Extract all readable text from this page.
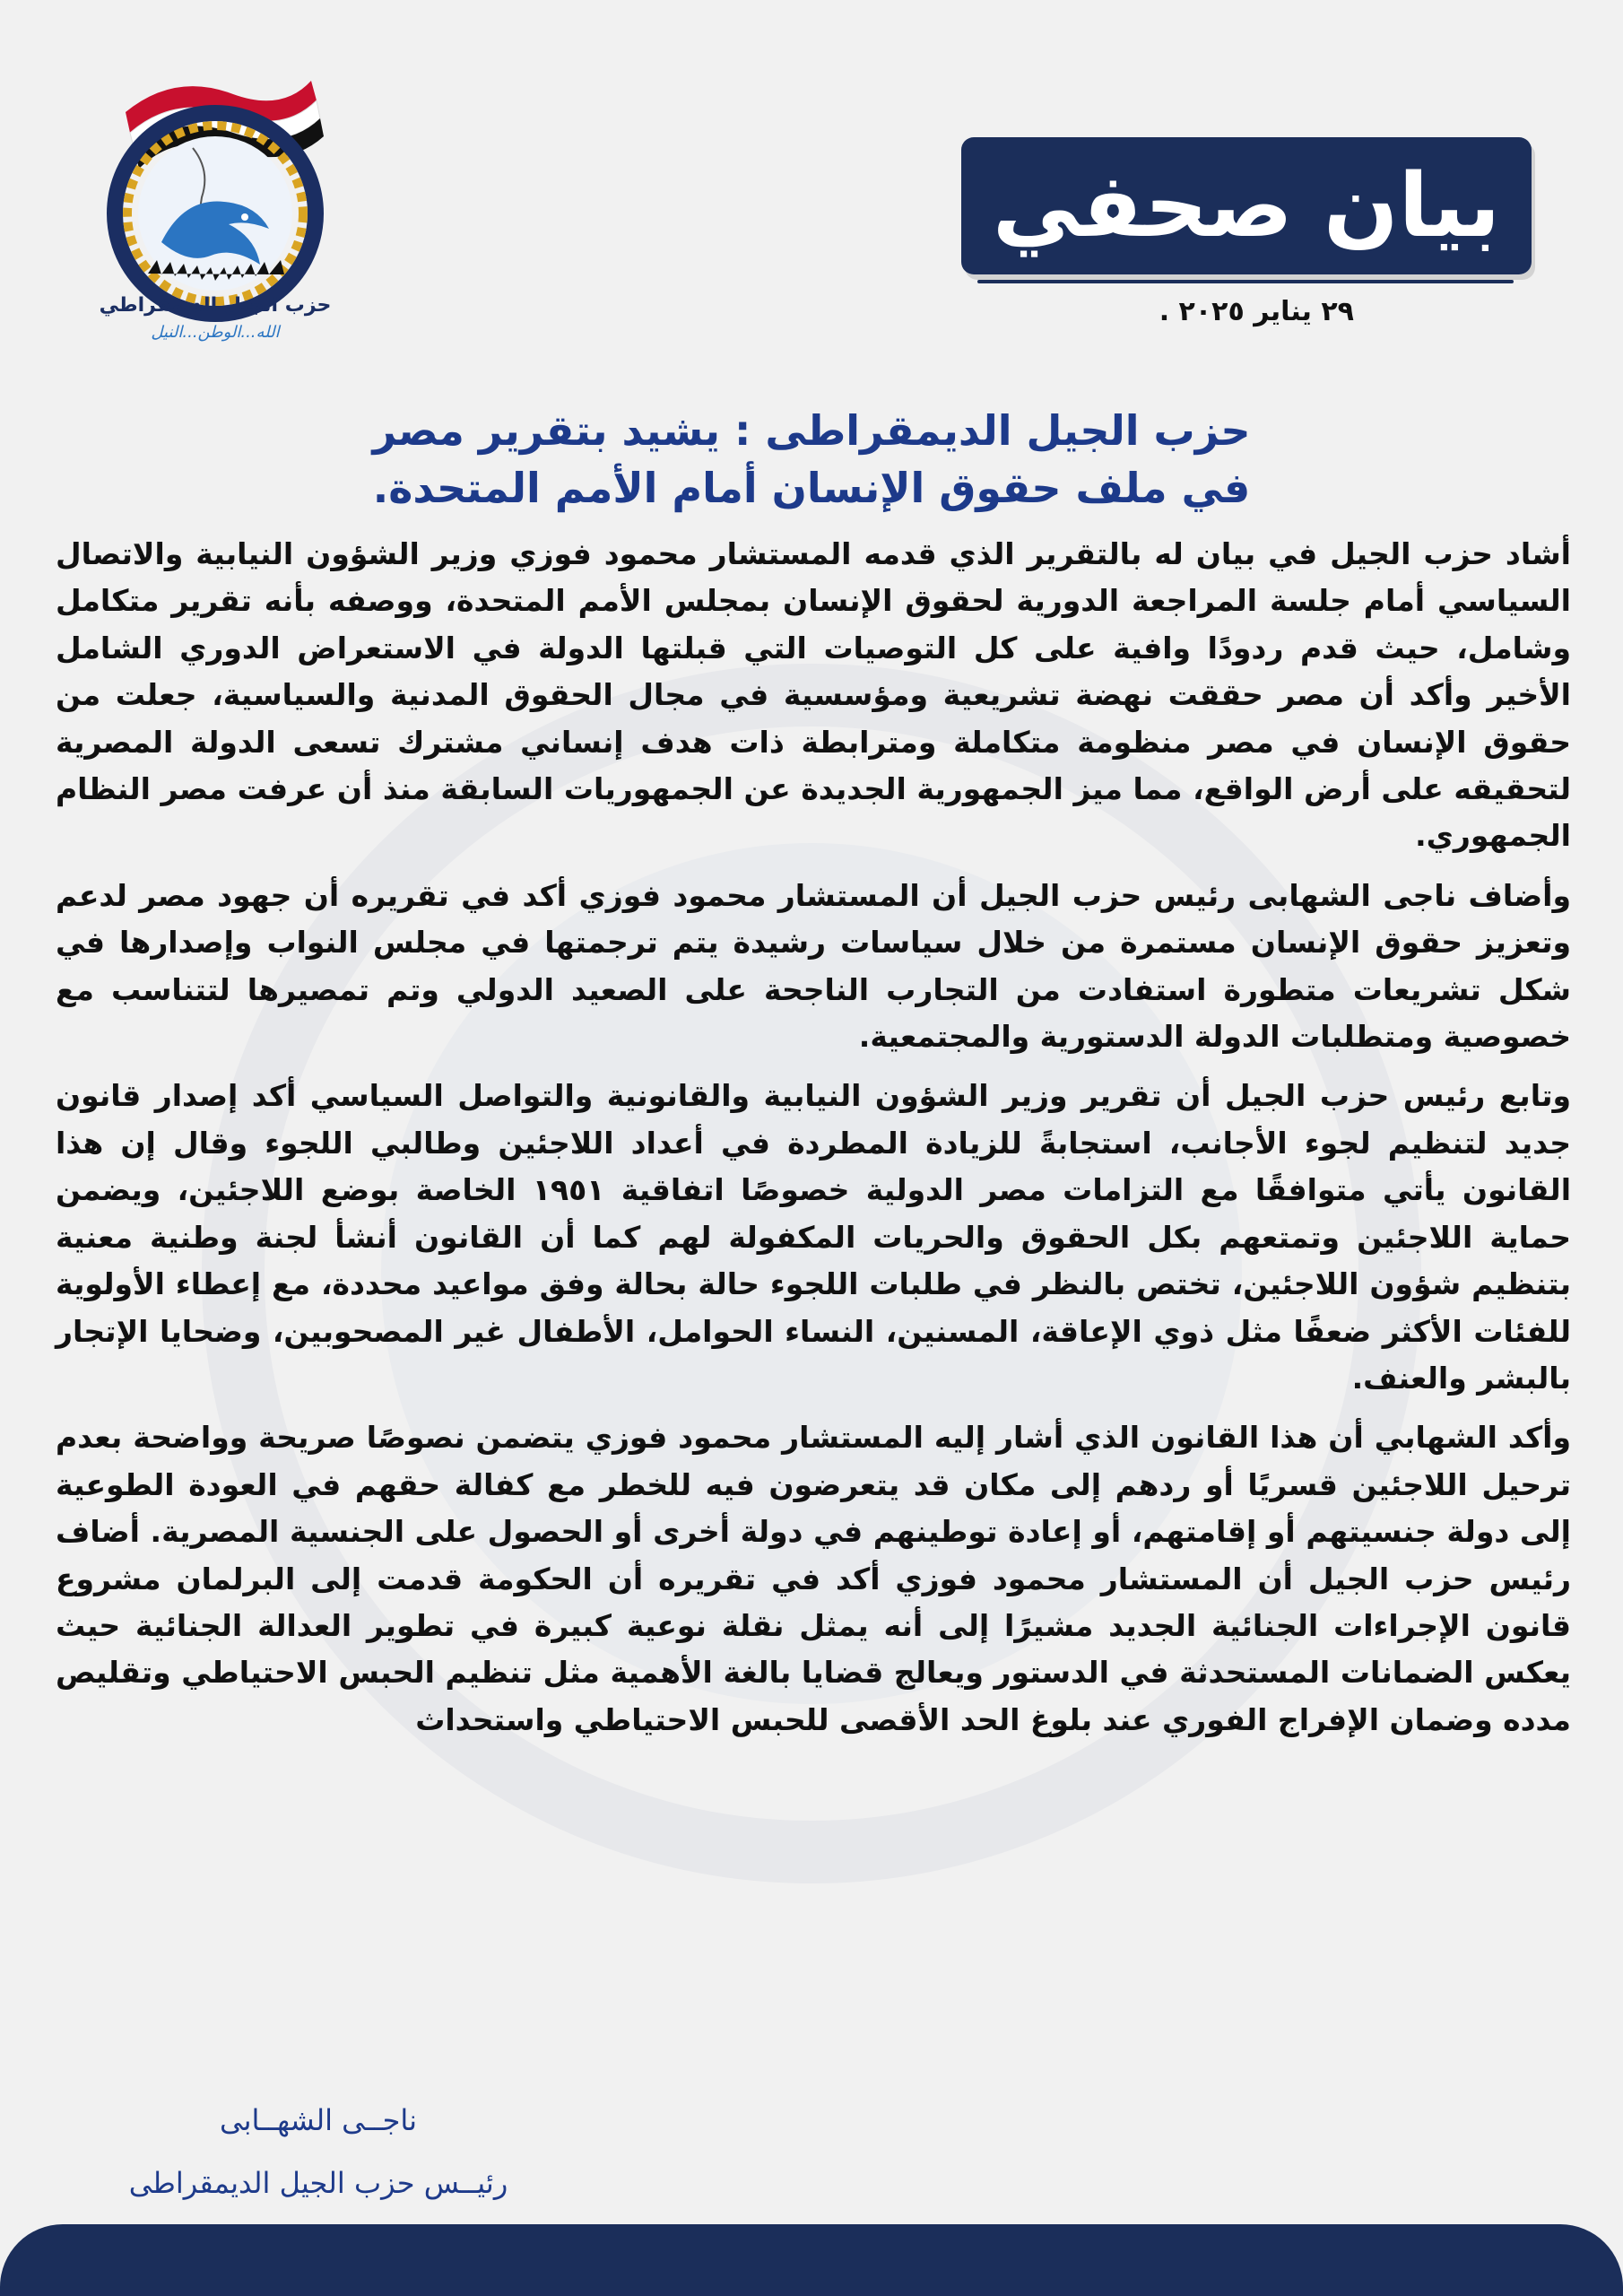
حزب الجيل الديمقراطي
الله...الوطن...النيل
بيان صحفي
٢٩ يناير ٢٠٢٥ .
حزب الجيل الديمقراطى : يشيد بتقرير مصر
في ملف حقوق الإنسان أمام الأمم المتحدة.

أشاد حزب الجيل في بيان له بالتقرير الذي قدمه المستشار محمود فوزي وزير الشؤون النيابية والاتصال السياسي أمام جلسة المراجعة الدورية لحقوق الإنسان بمجلس الأمم المتحدة، ووصفه بأنه تقرير متكامل وشامل، حيث قدم ردودًا وافية على كل التوصيات التي قبلتها الدولة في الاستعراض الدوري الشامل الأخير وأكد أن مصر حققت نهضة تشريعية ومؤسسية في مجال الحقوق المدنية والسياسية، جعلت من حقوق الإنسان في مصر منظومة متكاملة ومترابطة ذات هدف إنساني مشترك تسعى الدولة المصرية لتحقيقه على أرض الواقع، مما ميز الجمهورية الجديدة عن الجمهوريات السابقة منذ أن عرفت مصر النظام الجمهوري.

وأضاف ناجى الشهابى رئيس حزب الجيل أن المستشار محمود فوزي أكد في تقريره أن جهود مصر لدعم وتعزيز حقوق الإنسان مستمرة من خلال سياسات رشيدة يتم ترجمتها في مجلس النواب وإصدارها في شكل تشريعات متطورة استفادت من التجارب الناجحة على الصعيد الدولي وتم تمصيرها لتتناسب مع خصوصية ومتطلبات الدولة الدستورية والمجتمعية.

وتابع رئيس حزب الجيل أن تقرير وزير الشؤون النيابية والقانونية والتواصل السياسي أكد إصدار قانون جديد لتنظيم لجوء الأجانب، استجابةً للزيادة المطردة في أعداد اللاجئين وطالبي اللجوء وقال إن هذا القانون يأتي متوافقًا مع التزامات مصر الدولية خصوصًا اتفاقية ١٩٥١ الخاصة بوضع اللاجئين، ويضمن حماية اللاجئين وتمتعهم بكل الحقوق والحريات المكفولة لهم كما أن القانون أنشأ لجنة وطنية معنية بتنظيم شؤون اللاجئين، تختص بالنظر في طلبات اللجوء حالة بحالة وفق مواعيد محددة، مع إعطاء الأولوية للفئات الأكثر ضعفًا مثل ذوي الإعاقة، المسنين، النساء الحوامل، الأطفال غير المصحوبين، وضحايا الإتجار بالبشر والعنف.

وأكد الشهابي أن هذا القانون الذي أشار إليه المستشار محمود فوزي يتضمن نصوصًا صريحة وواضحة بعدم ترحيل اللاجئين قسريًا أو ردهم إلى مكان قد يتعرضون فيه للخطر مع كفالة حقهم في العودة الطوعية إلى دولة جنسيتهم أو إقامتهم، أو إعادة توطينهم في دولة أخرى أو الحصول على الجنسية المصرية. أضاف رئيس حزب الجيل أن المستشار محمود فوزي أكد في تقريره أن الحكومة قدمت إلى البرلمان مشروع قانون الإجراءات الجنائية الجديد مشيرًا إلى أنه يمثل نقلة نوعية كبيرة في تطوير العدالة الجنائية حيث يعكس الضمانات المستحدثة في الدستور ويعالج قضايا بالغة الأهمية مثل تنظيم الحبس الاحتياطي وتقليص مدده وضمان الإفراج الفوري عند بلوغ الحد الأقصى للحبس الاحتياطي واستحداث

ناجــى الشهــابى
رئيــس حزب الجيل الديمقراطى
